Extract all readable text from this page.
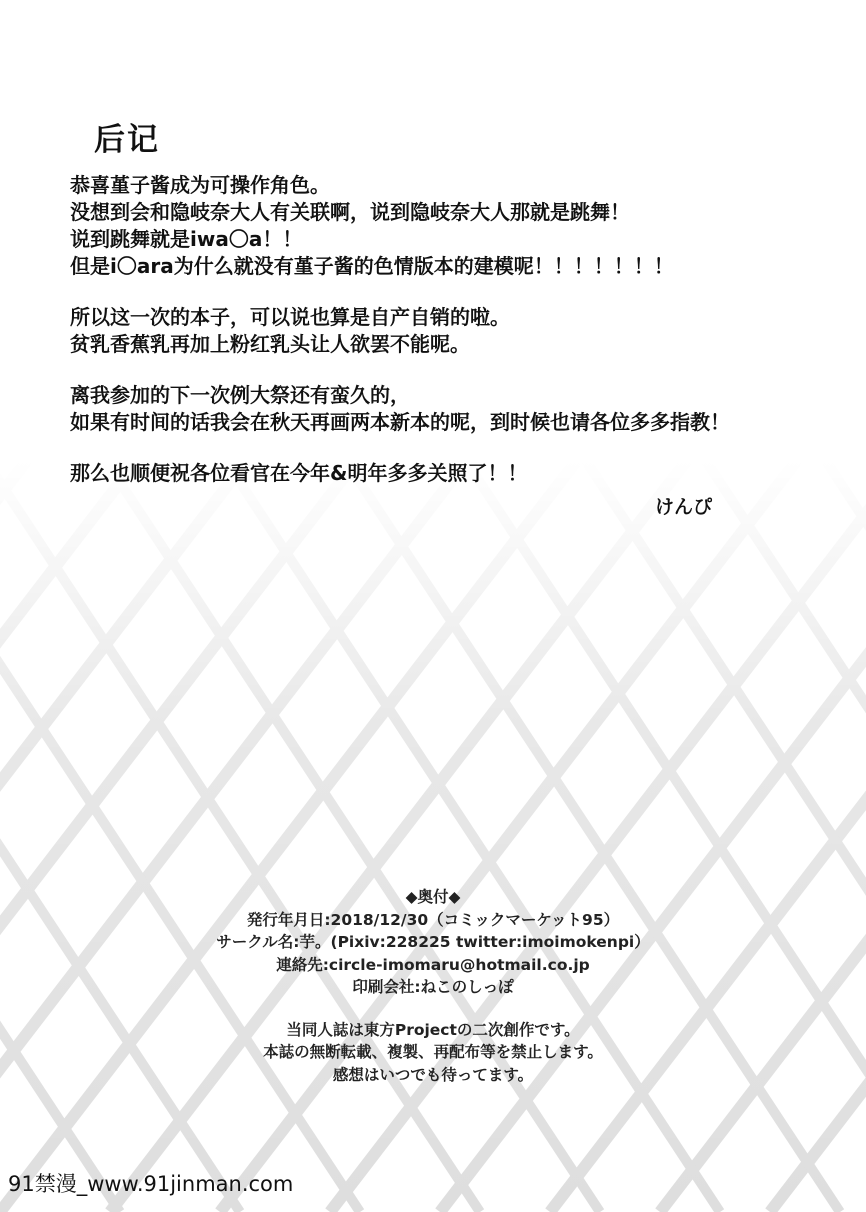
后记
恭喜堇子酱成为可操作角色。
没想到会和隐岐奈大人有关联啊，说到隐岐奈大人那就是跳舞！
说到跳舞就是iwa〇a！！
但是i〇ara为什么就没有堇子酱的色情版本的建模呢！！！！！！！
所以这一次的本子，可以说也算是自产自销的啦。
贫乳香蕉乳再加上粉红乳头让人欲罢不能呢。
离我参加的下一次例大祭还有蛮久的，
如果有时间的话我会在秋天再画两本新本的呢，到时候也请各位多多指教！
那么也顺便祝各位看官在今年&明年多多关照了！！
けんぴ
◆奥付◆
発行年月日:2018/12/30（コミックマーケット95）
サークル名:芋。(Pixiv:228225 twitter:imoimokenpi）
連絡先:circle-imomaru@hotmail.co.jp
印刷会社:ねこのしっぽ
当同人誌は東方Projectの二次創作です。
本誌の無断転載、複製、再配布等を禁止します。
感想はいつでも待ってます。
91禁漫_www.91jinman.com
